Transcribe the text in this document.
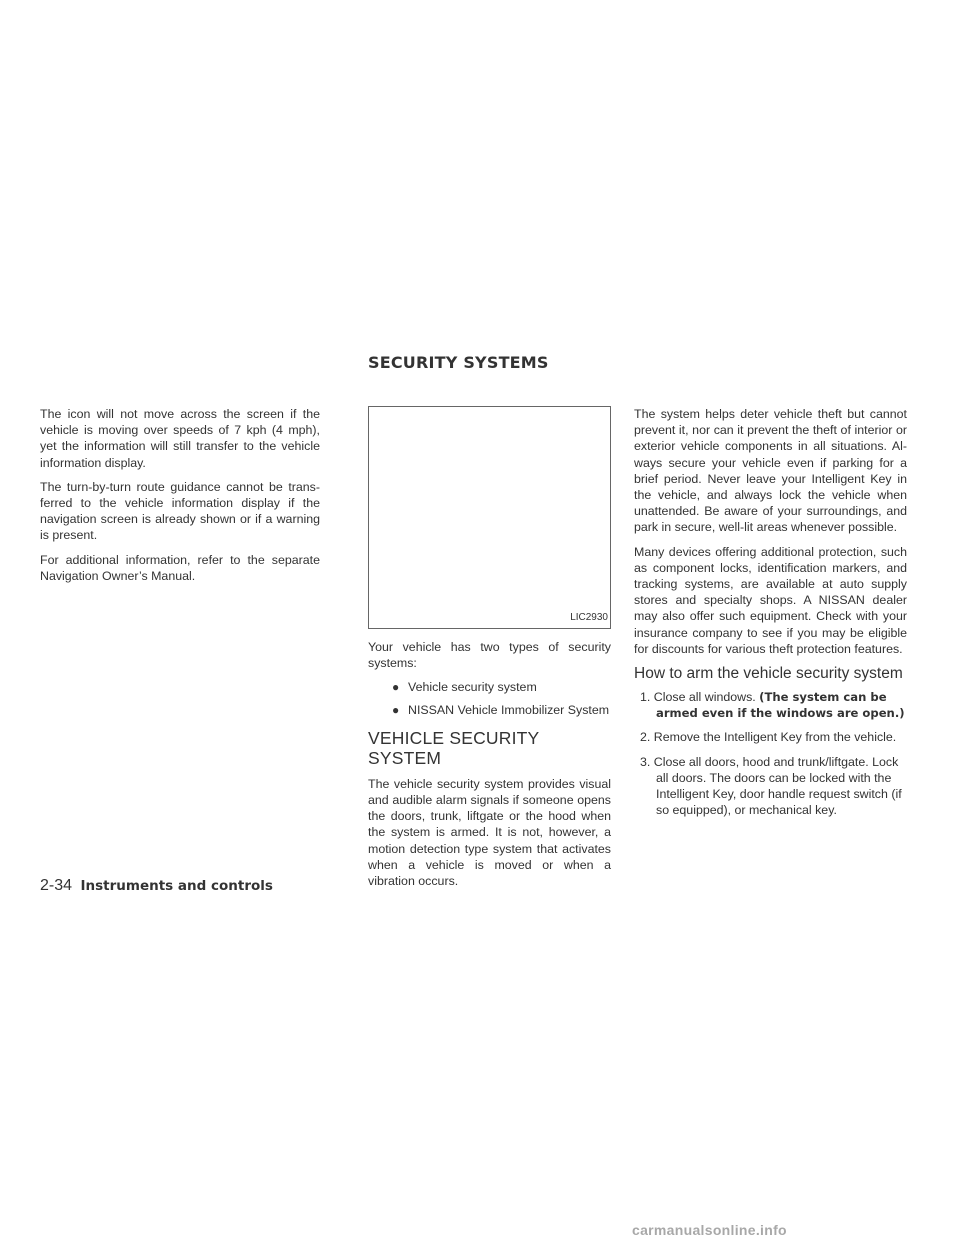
SECURITY SYSTEMS

The icon will not move across the screen if the vehicle is moving over speeds of 7 kph (4 mph), yet the information will still transfer to the vehicle information display.

The turn-by-turn route guidance cannot be trans-ferred to the vehicle information display if the navigation screen is already shown or if a warning is present.

For additional information, refer to the separate Navigation Owner’s Manual.

LIC2930

Your vehicle has two types of security systems:

● Vehicle security system
● NISSAN Vehicle Immobilizer System
VEHICLE SECURITY SYSTEM

The vehicle security system provides visual and audible alarm signals if someone opens the doors, trunk, liftgate or the hood when the system is armed. It is not, however, a motion detection type system that activates when a vehicle is moved or when a vibration occurs.

The system helps deter vehicle theft but cannot prevent it, nor can it prevent the theft of interior or exterior vehicle components in all situations. Al-ways secure your vehicle even if parking for a brief period. Never leave your Intelligent Key in the vehicle, and always lock the vehicle when unattended. Be aware of your surroundings, and park in secure, well-lit areas whenever possible.

Many devices offering additional protection, such as component locks, identification markers, and tracking systems, are available at auto supply stores and specialty shops. A NISSAN dealer may also offer such equipment. Check with your insurance company to see if you may be eligible for discounts for various theft protection features.

How to arm the vehicle security system
1. Close all windows. (The system can be armed even if the windows are open.)
2. Remove the Intelligent Key from the vehicle.
3. Close all doors, hood and trunk/liftgate. Lock all doors. The doors can be locked with the Intelligent Key, door handle request switch (if so equipped), or mechanical key.
2-34 Instruments and controls
carmanualsonline.info
